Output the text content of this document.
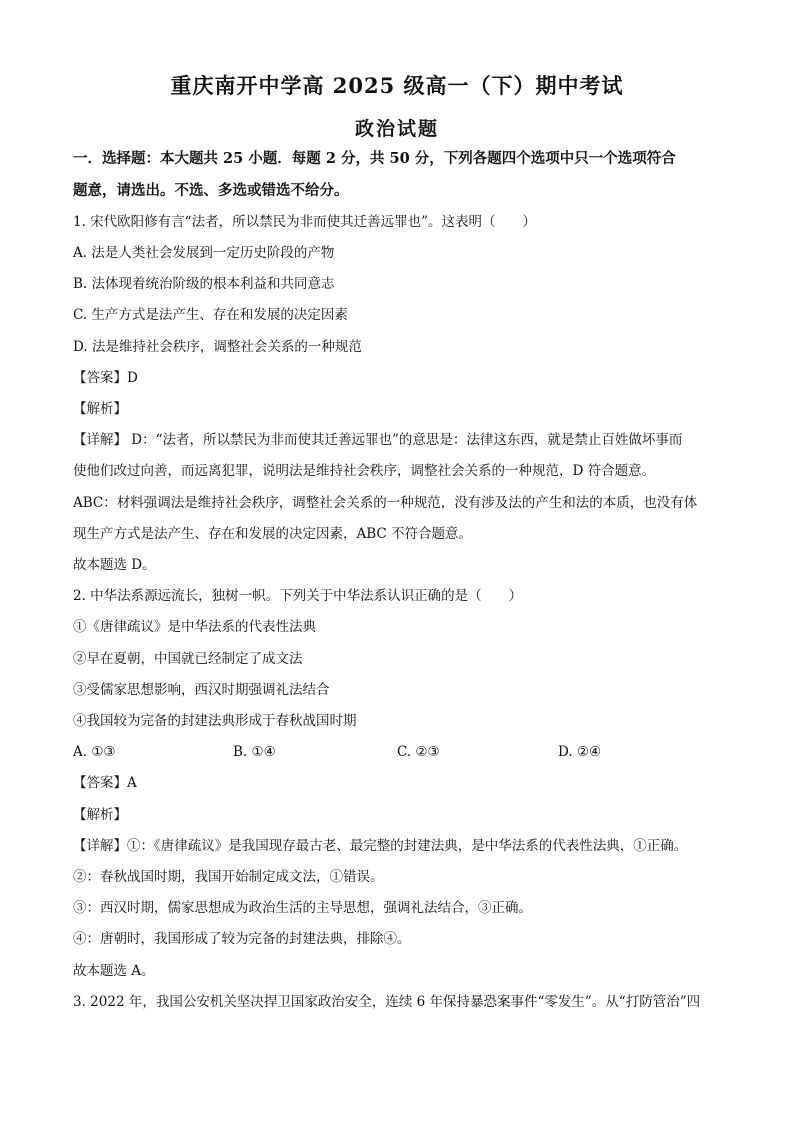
重庆南开中学高 2025 级高一（下）期中考试
政治试题
一．选择题：本大题共 25 小题．每题 2 分，共 50 分，下列各题四个选项中只一个选项符合
题意，请选出。不选、多选或错选不给分。
1. 宋代欧阳修有言“法者，所以禁民为非而使其迁善远罪也”。这表明（　　）
A. 法是人类社会发展到一定历史阶段的产物
B. 法体现着统治阶级的根本利益和共同意志
C. 生产方式是法产生、存在和发展的决定因素
D. 法是维持社会秩序，调整社会关系的一种规范
【答案】D
【解析】
【详解】 D：“法者，所以禁民为非而使其迁善远罪也”的意思是：法律这东西，就是禁止百姓做坏事而
使他们改过向善，而远离犯罪，说明法是维持社会秩序，调整社会关系的一种规范，D 符合题意。
ABC：材料强调法是维持社会秩序，调整社会关系的一种规范，没有涉及法的产生和法的本质，也没有体
现生产方式是法产生、存在和发展的决定因素，ABC 不符合题意。
故本题选 D。
2. 中华法系源远流长，独树一帜。下列关于中华法系认识正确的是（　　）
①《唐律疏议》是中华法系的代表性法典
②早在夏朝，中国就已经制定了成文法
③受儒家思想影响，西汉时期强调礼法结合
④我国较为完备的封建法典形成于春秋战国时期
A. ①③	B. ①④	C. ②③	D. ②④
【答案】A
【解析】
【详解】①：《唐律疏议》是我国现存最古老、最完整的封建法典，是中华法系的代表性法典，①正确。
②：春秋战国时期，我国开始制定成文法，①错误。
③：西汉时期，儒家思想成为政治生活的主导思想，强调礼法结合，③正确。
④：唐朝时，我国形成了较为完备的封建法典，排除④。
故本题选 A。
3. 2022 年，我国公安机关坚决捍卫国家政治安全，连续 6 年保持暴恐案事件“零发生”。从“打防管治”四
